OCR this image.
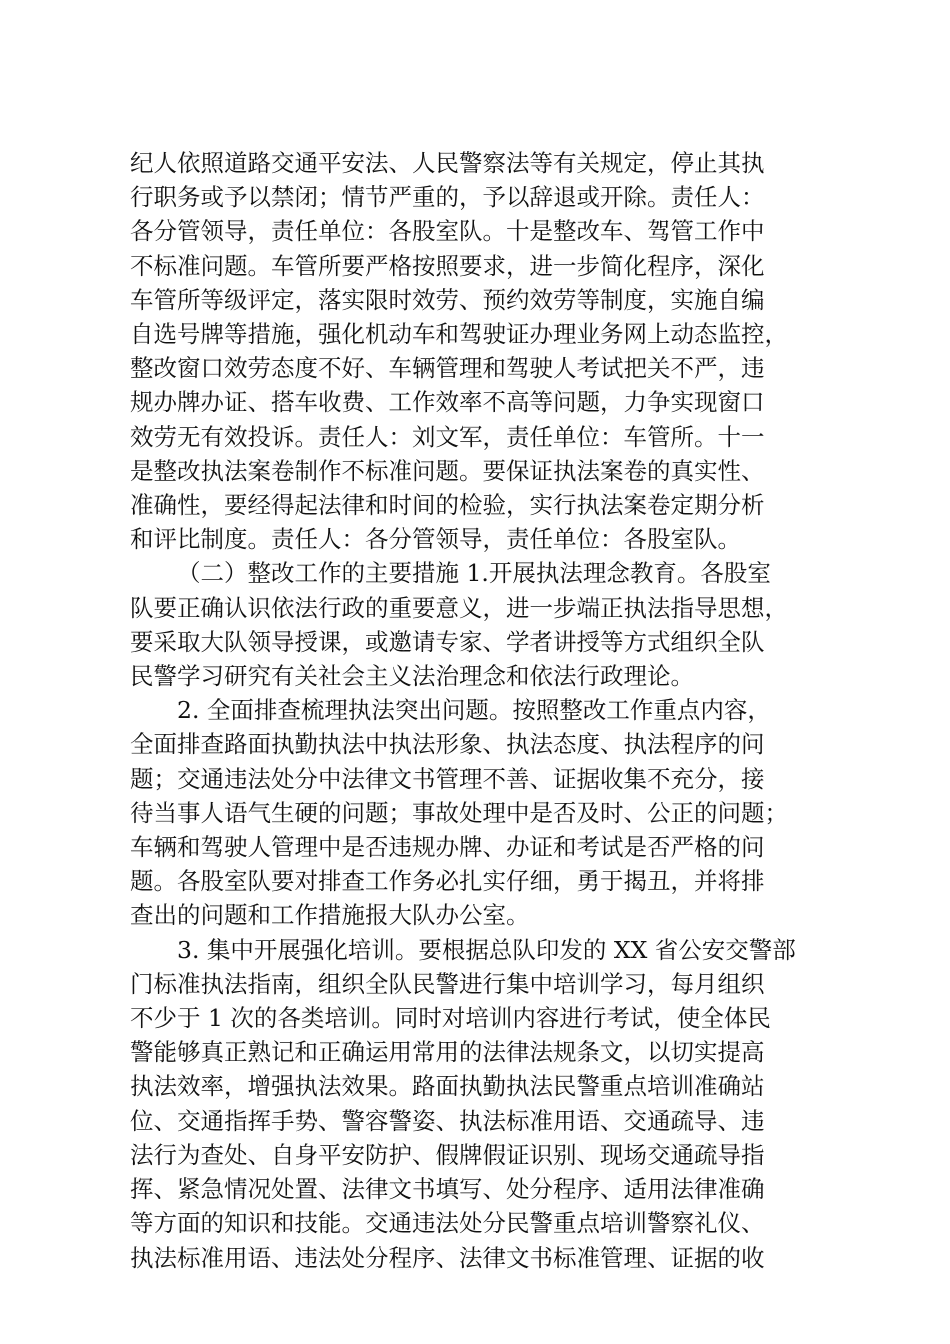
纪人依照道路交通平安法、人民警察法等有关规定，停止其执
行职务或予以禁闭；情节严重的，予以辞退或开除。责任人：
各分管领导，责任单位：各股室队。十是整改车、驾管工作中
不标准问题。车管所要严格按照要求，进一步简化程序，深化
车管所等级评定，落实限时效劳、预约效劳等制度，实施自编
自选号牌等措施，强化机动车和驾驶证办理业务网上动态监控，
整改窗口效劳态度不好、车辆管理和驾驶人考试把关不严，违
规办牌办证、搭车收费、工作效率不高等问题，力争实现窗口
效劳无有效投诉。责任人：刘文军，责任单位：车管所。十一
是整改执法案卷制作不标准问题。要保证执法案卷的真实性、
准确性，要经得起法律和时间的检验，实行执法案卷定期分析
和评比制度。责任人：各分管领导，责任单位：各股室队。
（二）整改工作的主要措施 1.开展执法理念教育。各股室
队要正确认识依法行政的重要意义，进一步端正执法指导思想，
要采取大队领导授课，或邀请专家、学者讲授等方式组织全队
民警学习研究有关社会主义法治理念和依法行政理论。
2. 全面排查梳理执法突出问题。按照整改工作重点内容，
全面排查路面执勤执法中执法形象、执法态度、执法程序的问
题；交通违法处分中法律文书管理不善、证据收集不充分，接
待当事人语气生硬的问题；事故处理中是否及时、公正的问题；
车辆和驾驶人管理中是否违规办牌、办证和考试是否严格的问
题。各股室队要对排查工作务必扎实仔细，勇于揭丑，并将排
查出的问题和工作措施报大队办公室。
3. 集中开展强化培训。要根据总队印发的 XX 省公安交警部
门标准执法指南，组织全队民警进行集中培训学习，每月组织
不少于 1 次的各类培训。同时对培训内容进行考试，使全体民
警能够真正熟记和正确运用常用的法律法规条文，以切实提高
执法效率，增强执法效果。路面执勤执法民警重点培训准确站
位、交通指挥手势、警容警姿、执法标准用语、交通疏导、违
法行为查处、自身平安防护、假牌假证识别、现场交通疏导指
挥、紧急情况处置、法律文书填写、处分程序、适用法律准确
等方面的知识和技能。交通违法处分民警重点培训警察礼仪、
执法标准用语、违法处分程序、法律文书标准管理、证据的收
